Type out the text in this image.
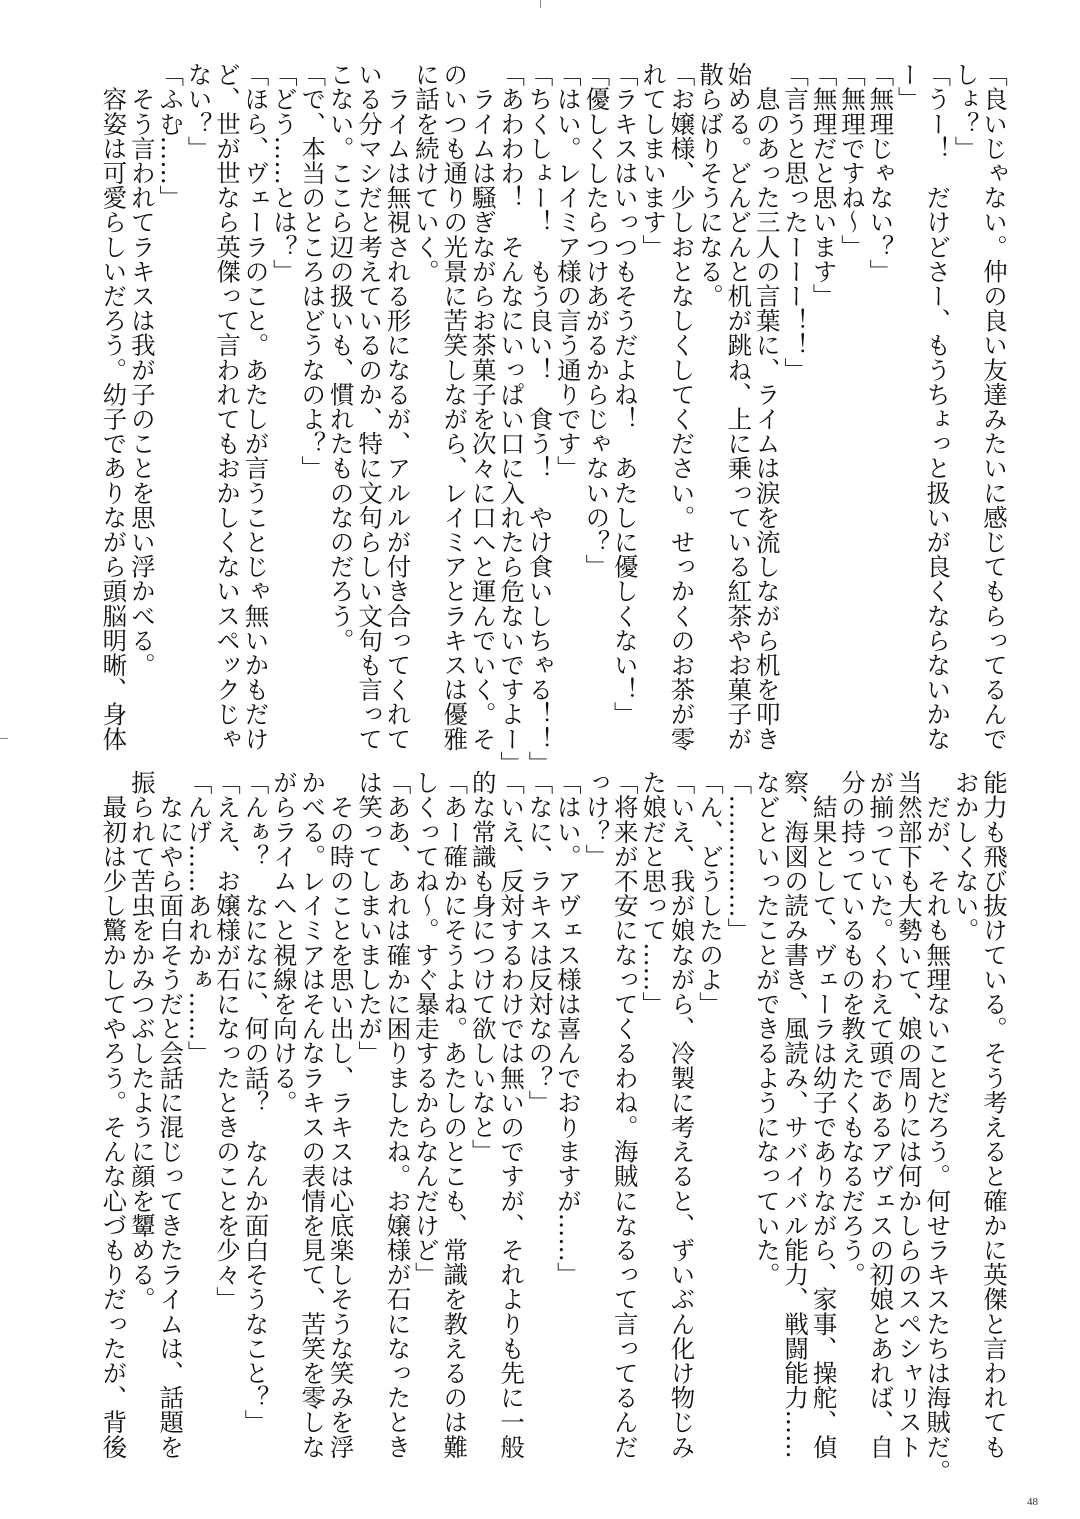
「良いじゃない。仲の良い友達みたいに感じてもらってるんで
しょ？」
「うー！　だけどさー、もうちょっと扱いが良くならないかな
ー」
「無理じゃない？」
「無理ですね～」
「無理だと思います」
「言うと思ったーーー！！」
　息のあった三人の言葉に、ライムは涙を流しながら机を叩き
始める。どんどんと机が跳ね、上に乗っている紅茶やお菓子が
散らばりそうになる。
「お嬢様、少しおとなしくしてください。せっかくのお茶が零
れてしまいます」
「ラキスはいっつもそうだよね！　あたしに優しくない！」
「優しくしたらつけあがるからじゃないの？」
「はい。レイミア様の言う通りです」
「ちくしょー！　もう良い！　食う！　やけ食いしちゃる！！」
「あわわわ！　そんなにいっぱい口に入れたら危ないですよー」
　ライムは騒ぎながらお茶菓子を次々に口へと運んでいく。そ
のいつも通りの光景に苦笑しながら、レイミアとラキスは優雅
に話を続けていく。
　ライムは無視される形になるが、アルルが付き合ってくれて
いる分マシだと考えているのか、特に文句らしい文句も言って
こない。ここら辺の扱いも、慣れたものなのだろう。
「で、本当のところはどうなのよ？」
「どう……とは？」
「ほら、ヴェーラのこと。あたしが言うことじゃ無いかもだけ
ど、世が世なら英傑って言われてもおかしくないスペックじゃ
ない？」
「ふむ……」
　そう言われてラキスは我が子のことを思い浮かべる。
　容姿は可愛らしいだろう。幼子でありながら頭脳明晰、身体
能力も飛び抜けている。そう考えると確かに英傑と言われても
おかしくない。
　だが、それも無理ないことだろう。何せラキスたちは海賊だ。
当然部下も大勢いて、娘の周りには何かしらのスペシャリスト
が揃っていた。くわえて頭であるアヴェスの初娘とあれば、自
分の持っているものを教えたくもなるだろう。
　結果として、ヴェーラは幼子でありながら、家事、操舵、偵
察、海図の読み書き、風読み、サバイバル能力、戦闘能力……
などといったことができるようになっていた。
「……………」
「ん、どうしたのよ」
「いえ、我が娘ながら、冷製に考えると、ずいぶん化け物じみ
た娘だと思って……」
「将来が不安になってくるわね。海賊になるって言ってるんだ
っけ？」
「はい。アヴェス様は喜んでおりますが……」
「なに、ラキスは反対なの？」
「いえ、反対するわけでは無いのですが、それよりも先に一般
的な常識も身につけて欲しいなと」
「あー確かにそうよね。あたしのとこも、常識を教えるのは難
しくってね～。すぐ暴走するからなんだけど」
「ああ、あれは確かに困りましたね。お嬢様が石になったとき
は笑ってしまいましたが」
　その時のことを思い出し、ラキスは心底楽しそうな笑みを浮
かべる。レイミアはそんなラキスの表情を見て、苦笑を零しな
がらライムへと視線を向ける。
「んぁ？　なになに、何の話？　なんか面白そうなこと？」
「ええ、お嬢様が石になったときのことを少々」
「んげ……あれかぁ……」
　なにやら面白そうだと会話に混じってきたライムは、話題を
振られて苦虫をかみつぶしたように顔を顰める。
　最初は少し驚かしてやろう。そんな心づもりだったが、背後
48
